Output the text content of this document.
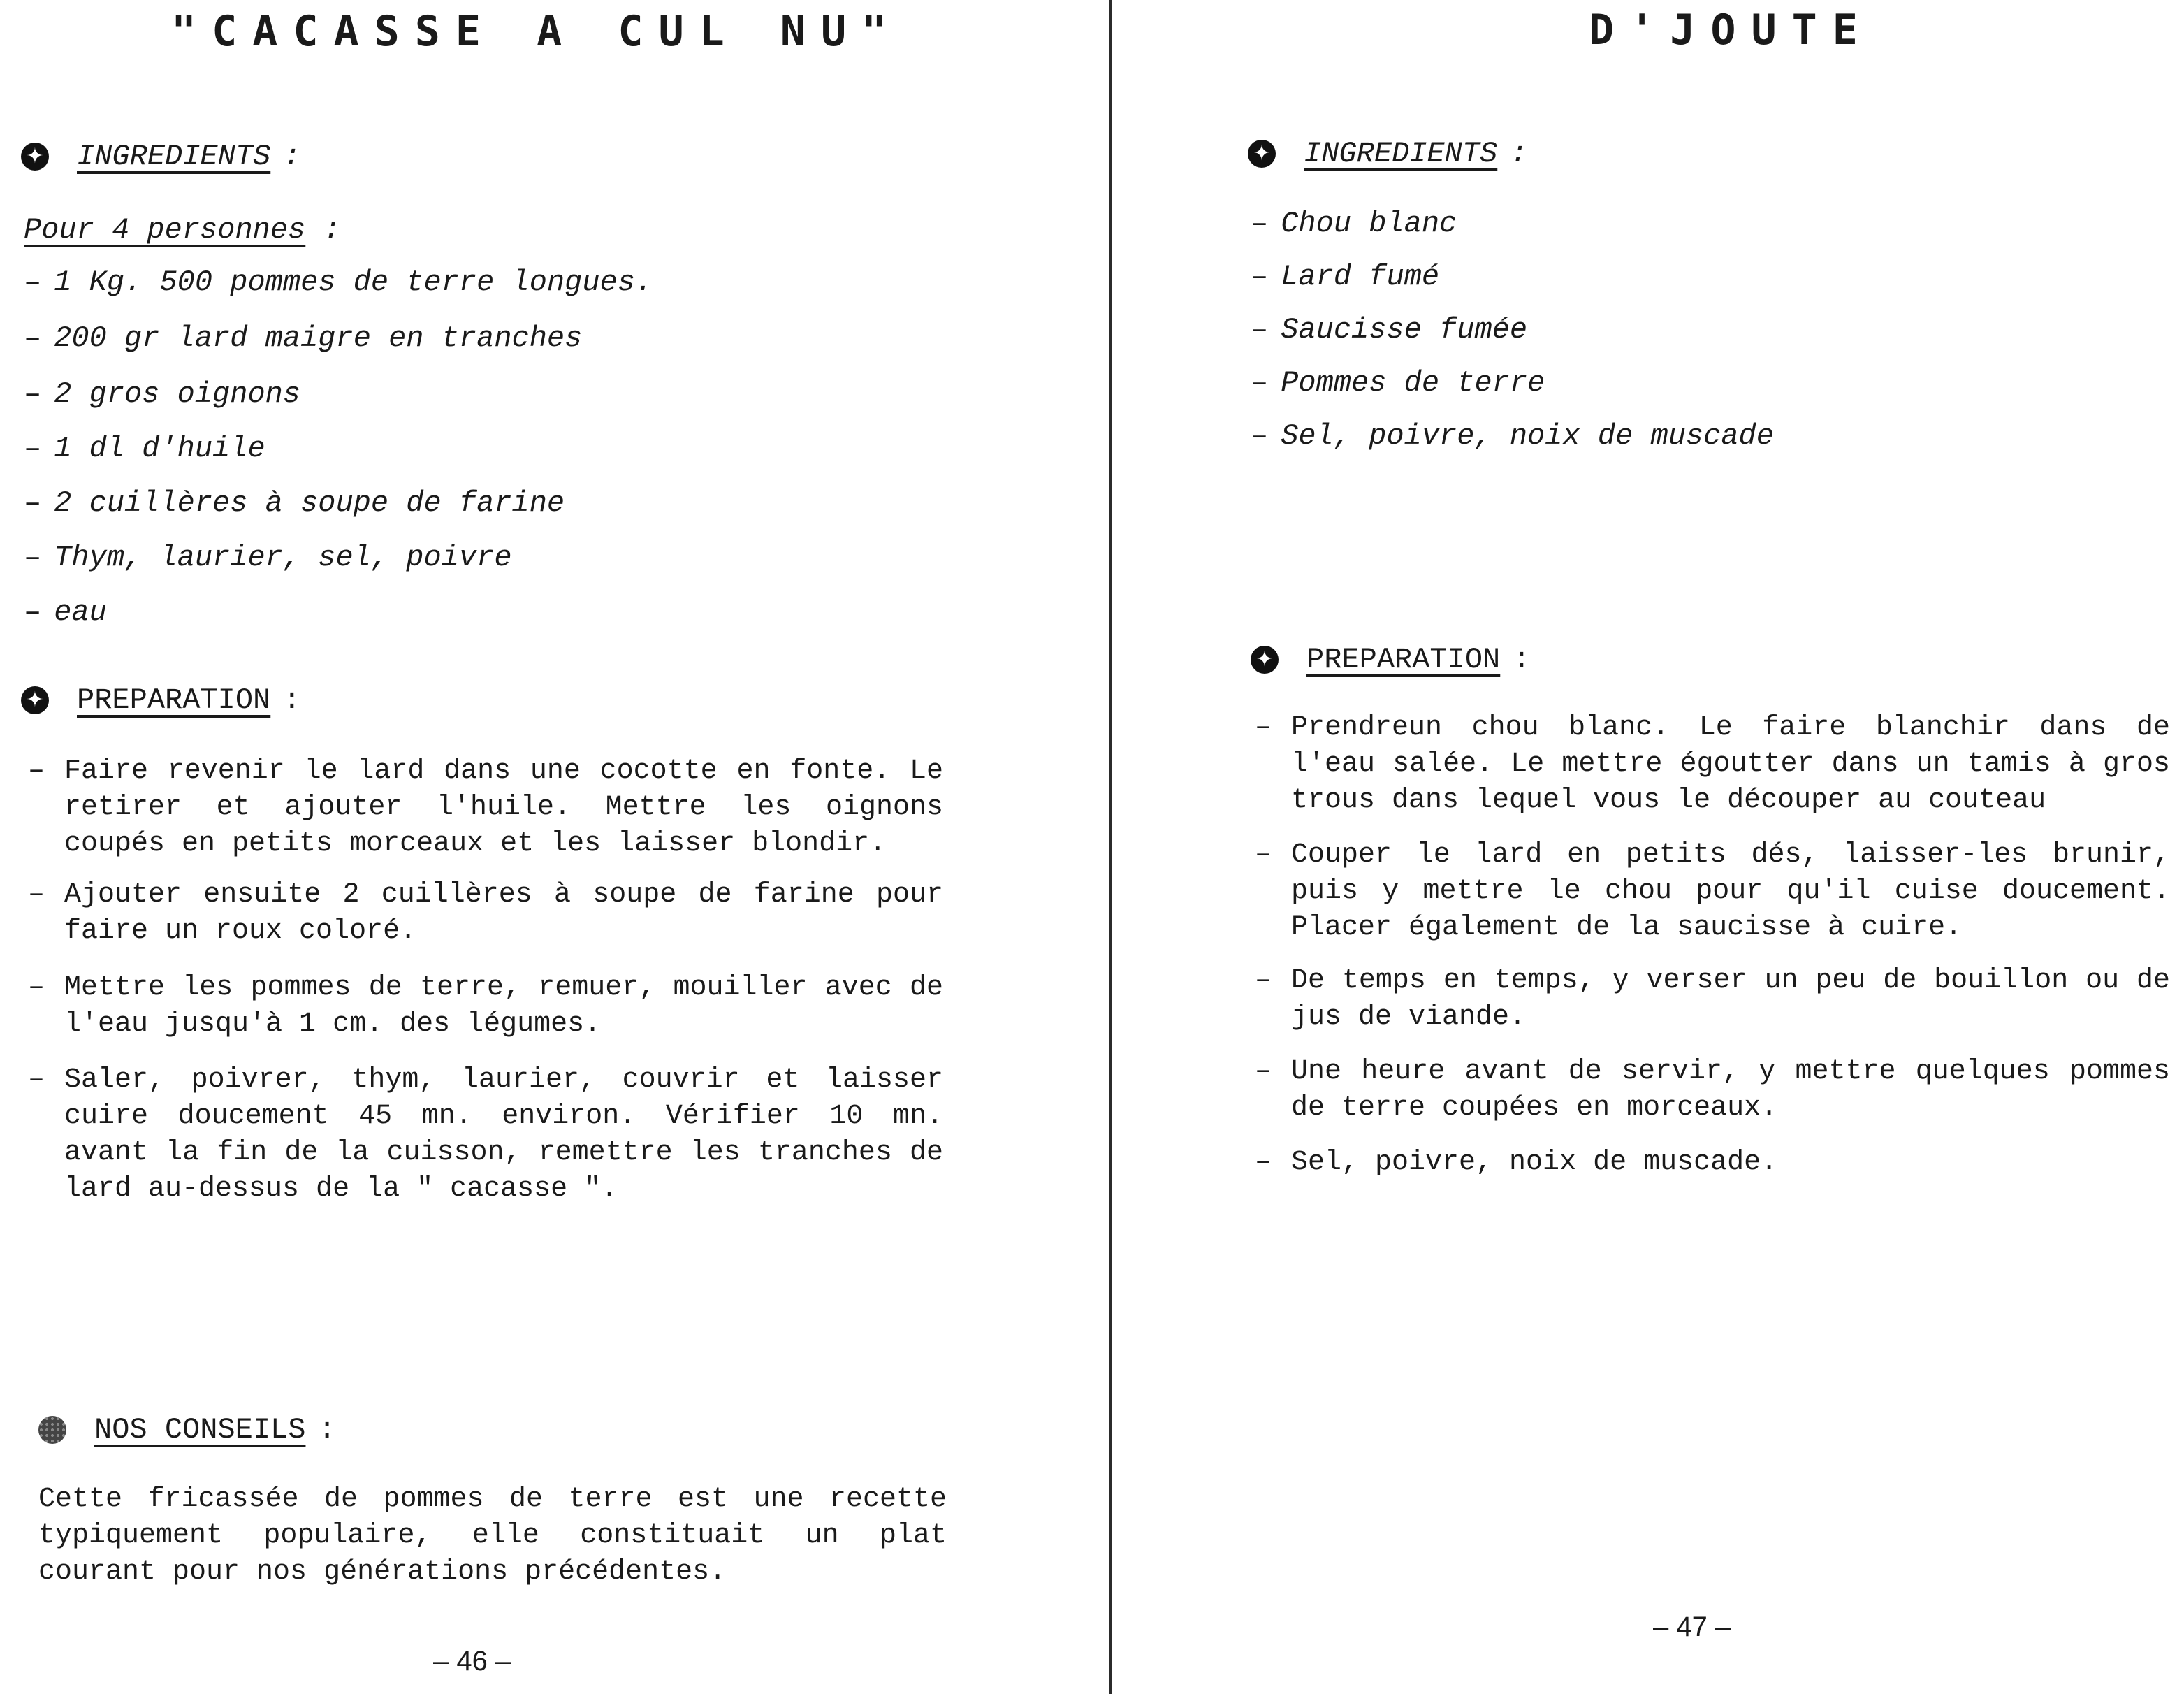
"CACASSE A CUL NU"
✦ INGREDIENTS :
Pour 4 personnes :
– 1 Kg. 500 pommes de terre longues.
– 200 gr lard maigre en tranches
– 2 gros oignons
– 1 dl d'huile
– 2 cuillères à soupe de farine
– Thym, laurier, sel, poivre
– eau
✦ PREPARATION :
– Faire revenir le lard dans une cocotte en fonte. Le retirer et ajouter l'huile. Mettre les oignons coupés en petits morceaux et les laisser blondir.
– Ajouter ensuite 2 cuillères à soupe de farine pour faire un roux coloré.
– Mettre les pommes de terre, remuer, mouiller avec de l'eau jusqu'à 1 cm. des légumes.
– Saler, poivrer, thym, laurier, couvrir et laisser cuire doucement 45 mn. environ. Vérifier 10 mn. avant la fin de la cuisson, remettre les tranches de lard au-dessus de la " cacasse ".
NOS CONSEILS :
Cette fricassée de pommes de terre est une recette typiquement populaire, elle constituait un plat courant pour nos générations précédentes.
– 46 –
D'JOUTE
✦ INGREDIENTS :
– Chou blanc
– Lard fumé
– Saucisse fumée
– Pommes de terre
– Sel, poivre, noix de muscade
✦ PREPARATION :
– Prendreun chou blanc. Le faire blanchir dans de l'eau salée. Le mettre égoutter dans un tamis à gros trous dans lequel vous le découper au couteau
– Couper le lard en petits dés, laisser-les brunir, puis y mettre le chou pour qu'il cuise doucement. Placer également de la saucisse à cuire.
– De temps en temps, y verser un peu de bouillon ou de jus de viande.
– Une heure avant de servir, y mettre quelques pommes de terre coupées en morceaux.
– Sel, poivre, noix de muscade.
– 47 –
